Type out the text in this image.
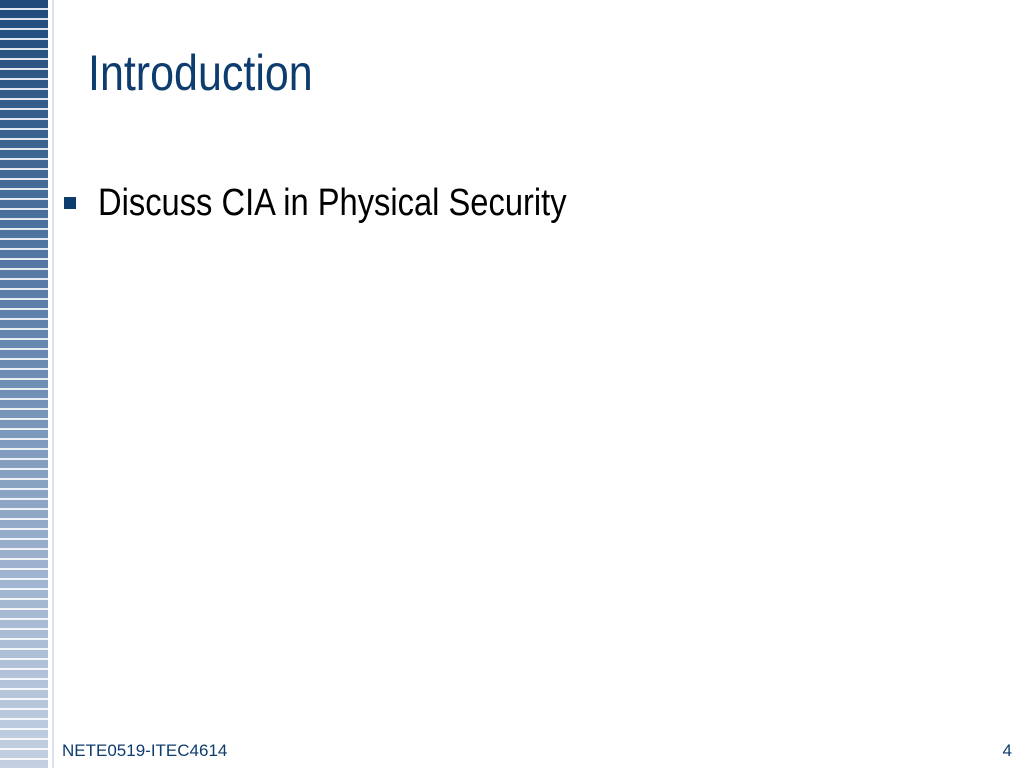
Introduction
Discuss CIA in Physical Security
NETE0519-ITEC4614	4
